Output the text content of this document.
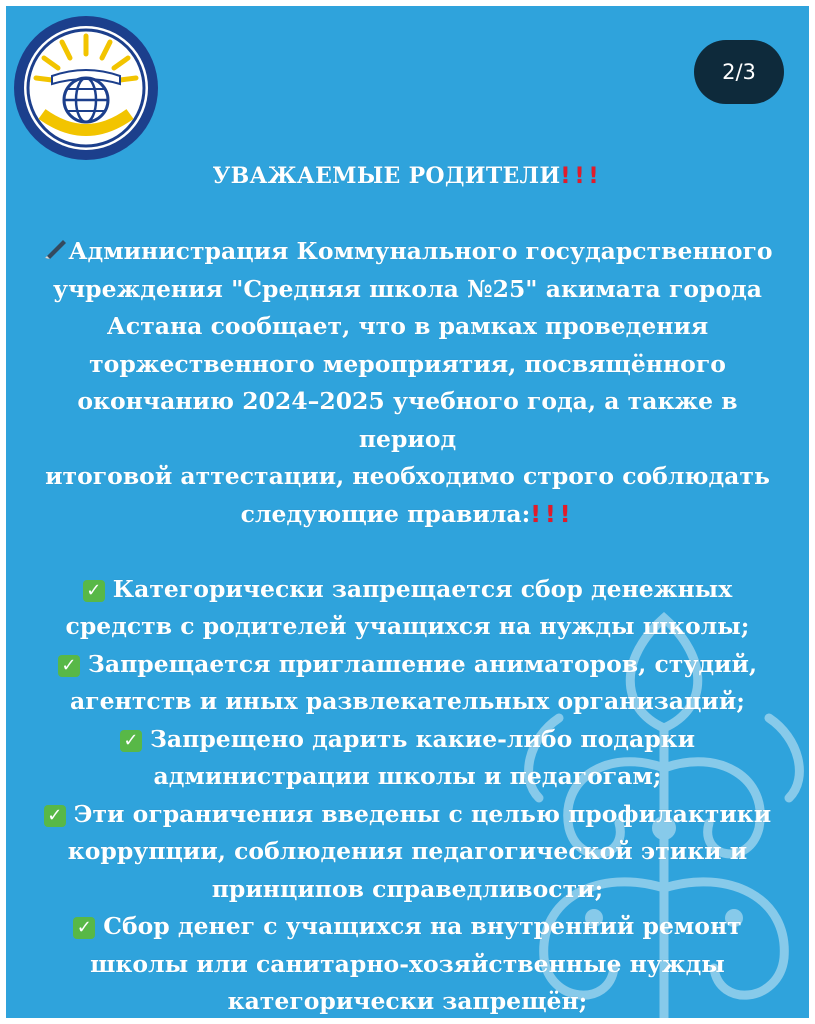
2/3

УВАЖАЕМЫЕ РОДИТЕЛИ!!!

Администрация Коммунального государственного

учреждения "Средняя школа №25" акимата города

Астана сообщает, что в рамках проведения

торжественного мероприятия, посвящённого

окончанию 2024–2025 учебного года, а также в период

итоговой аттестации, необходимо строго соблюдать

следующие правила:!!!

✓ Категорически запрещается сбор денежных

средств с родителей учащихся на нужды школы;

✓ Запрещается приглашение аниматоров, студий,

агентств и иных развлекательных организаций;

✓ Запрещено дарить какие-либо подарки

администрации школы и педагогам;

✓ Эти ограничения введены с целью профилактики

коррупции, соблюдения педагогической этики и

принципов справедливости;

✓ Сбор денег с учащихся на внутренний ремонт

школы или санитарно-хозяйственные нужды

категорически запрещён;
